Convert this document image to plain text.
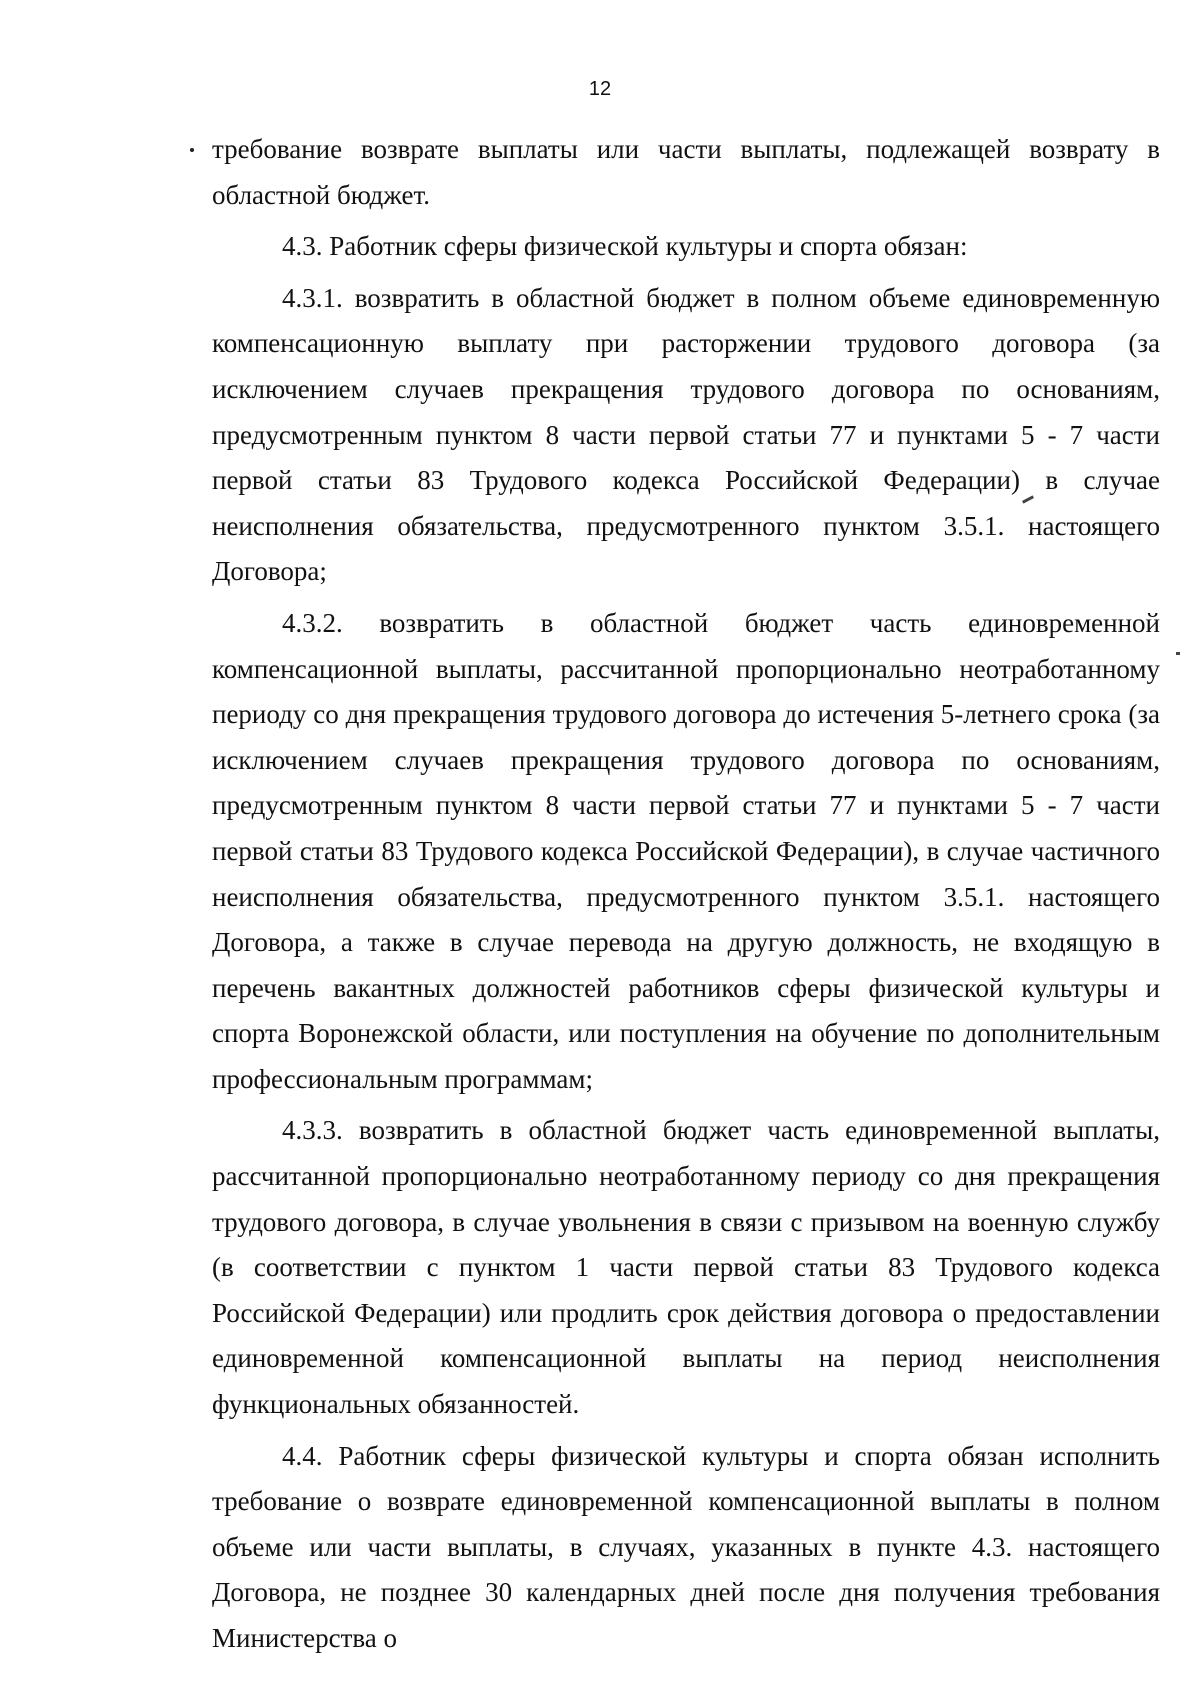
12

требование возврате выплаты или части выплаты, подлежащей возврату в областной бюджет.

4.3. Работник сферы физической культуры и спорта обязан:

4.3.1. возвратить в областной бюджет в полном объеме единовременную компенсационную выплату при расторжении трудового договора (за исключением случаев прекращения трудового договора по основаниям, предусмотренным пунктом 8 части первой статьи 77 и пунктами 5 - 7 части первой статьи 83 Трудового кодекса Российской Федерации) в случае неисполнения обязательства, предусмотренного пунктом 3.5.1. настоящего Договора;

4.3.2. возвратить в областной бюджет часть единовременной компенсационной выплаты, рассчитанной пропорционально неотработанному периоду со дня прекращения трудового договора до истечения 5-летнего срока (за исключением случаев прекращения трудового договора по основаниям, предусмотренным пунктом 8 части первой статьи 77 и пунктами 5 - 7 части первой статьи 83 Трудового кодекса Российской Федерации), в случае частичного неисполнения обязательства, предусмотренного пунктом 3.5.1. настоящего Договора, а также в случае перевода на другую должность, не входящую в перечень вакантных должностей работников сферы физической культуры и спорта Воронежской области, или поступления на обучение по дополнительным профессиональным программам;

4.3.3. возвратить в областной бюджет часть единовременной выплаты, рассчитанной пропорционально неотработанному периоду со дня прекращения трудового договора, в случае увольнения в связи с призывом на военную службу (в соответствии с пунктом 1 части первой статьи 83 Трудового кодекса Российской Федерации) или продлить срок действия договора о предоставлении единовременной компенсационной выплаты на период неисполнения функциональных обязанностей.

4.4. Работник сферы физической культуры и спорта обязан исполнить требование о возврате единовременной компенсационной выплаты в полном объеме или части выплаты, в случаях, указанных в пункте 4.3. настоящего Договора, не позднее 30 календарных дней после дня получения требования Министерства о
